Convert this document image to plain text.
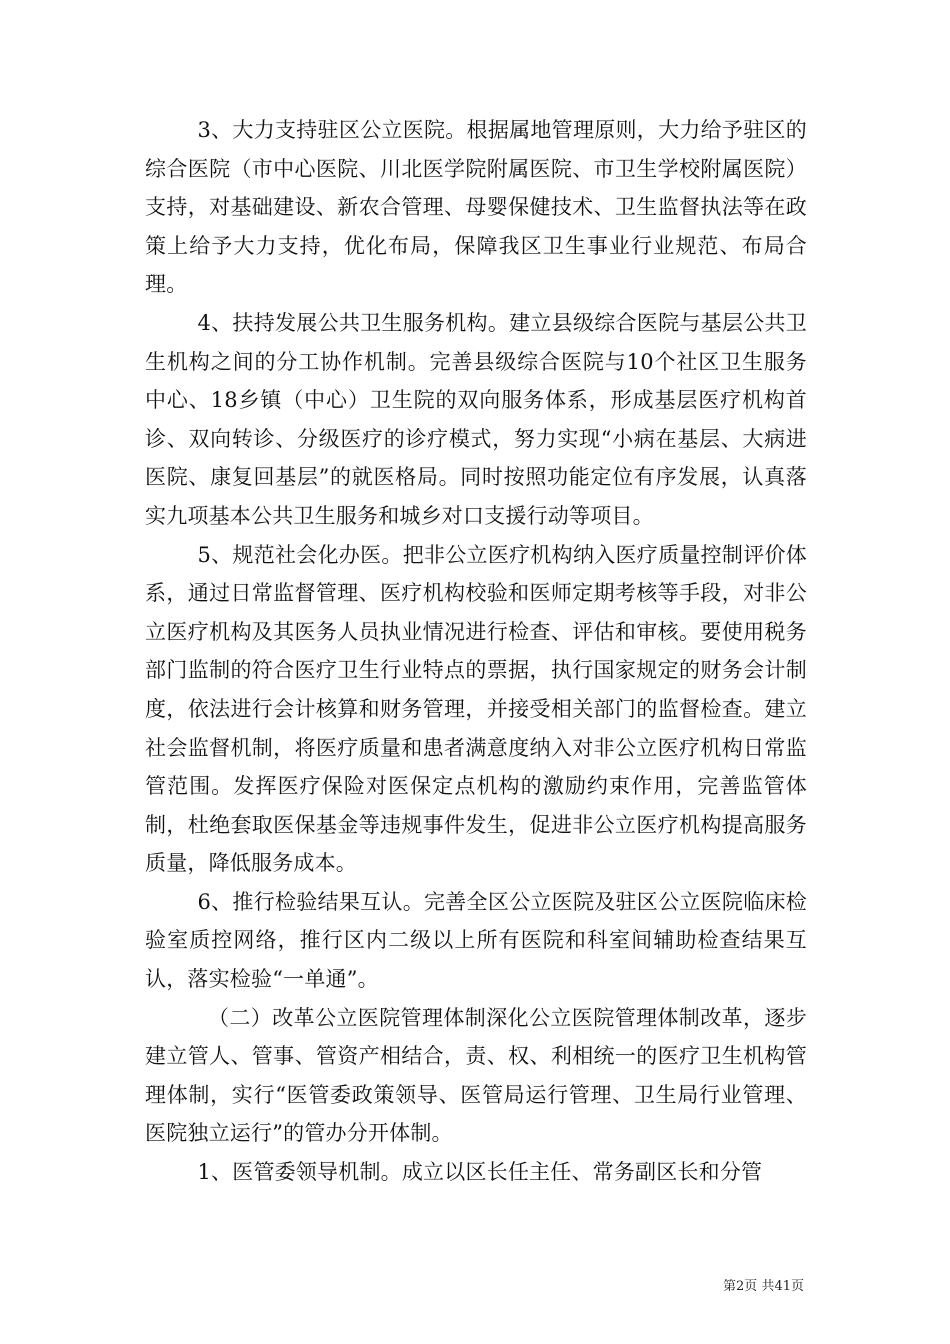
3、大力支持驻区公立医院。根据属地管理原则，大力给予驻区的综合医院（市中心医院、川北医学院附属医院、市卫生学校附属医院）支持，对基础建设、新农合管理、母婴保健技术、卫生监督执法等在政策上给予大力支持，优化布局，保障我区卫生事业行业规范、布局合理。

4、扶持发展公共卫生服务机构。建立县级综合医院与基层公共卫生机构之间的分工协作机制。完善县级综合医院与10个社区卫生服务中心、18乡镇（中心）卫生院的双向服务体系，形成基层医疗机构首诊、双向转诊、分级医疗的诊疗模式，努力实现“小病在基层、大病进医院、康复回基层”的就医格局。同时按照功能定位有序发展，认真落实九项基本公共卫生服务和城乡对口支援行动等项目。

5、规范社会化办医。把非公立医疗机构纳入医疗质量控制评价体系，通过日常监督管理、医疗机构校验和医师定期考核等手段，对非公立医疗机构及其医务人员执业情况进行检查、评估和审核。要使用税务部门监制的符合医疗卫生行业特点的票据，执行国家规定的财务会计制度，依法进行会计核算和财务管理，并接受相关部门的监督检查。建立社会监督机制，将医疗质量和患者满意度纳入对非公立医疗机构日常监管范围。发挥医疗保险对医保定点机构的激励约束作用，完善监管体制，杜绝套取医保基金等违规事件发生，促进非公立医疗机构提高服务质量，降低服务成本。

6、推行检验结果互认。完善全区公立医院及驻区公立医院临床检验室质控网络，推行区内二级以上所有医院和科室间辅助检查结果互认，落实检验“一单通”。

（二）改革公立医院管理体制深化公立医院管理体制改革，逐步建立管人、管事、管资产相结合，责、权、利相统一的医疗卫生机构管理体制，实行“医管委政策领导、医管局运行管理、卫生局行业管理、医院独立运行”的管办分开体制。

1、医管委领导机制。成立以区长任主任、常务副区长和分管

第2页 共41页
